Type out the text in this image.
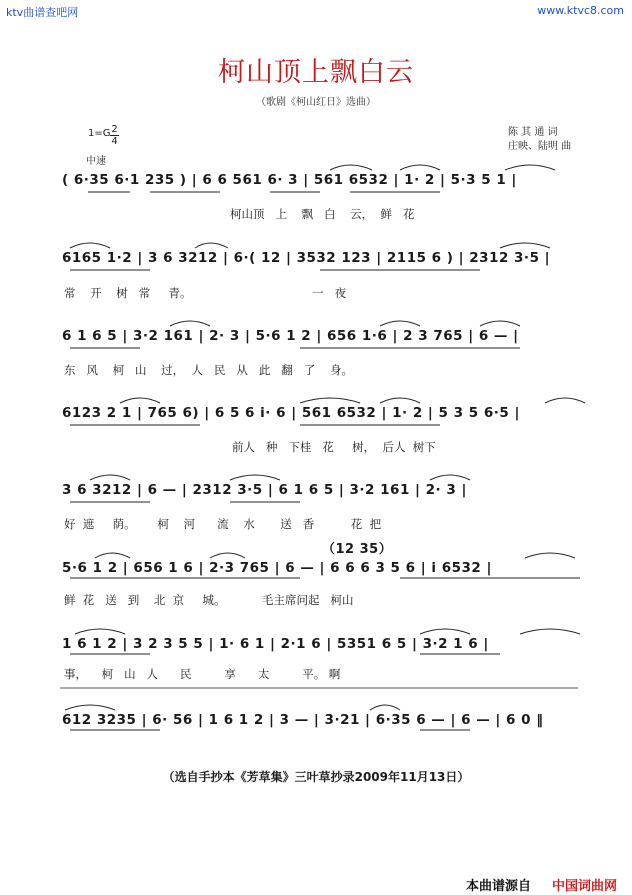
ktv曲谱查吧网	www.ktvc8.com
柯山顶上飘白云
（歌剧《柯山红日》选曲）
1=G 2
4
中速
陈 其 通 词
庄映、陆明 曲
( 6·35 6·1 235 ) | 6 6 561 6· 3 | 561 6532 | 1· 2 | 5·3 5 1 |
柯山顶   上    飘   白    云，  鲜   花
6165 1·2 | 3 6 3212 | 6·( 12 | 3532 123 | 2115 6 ) | 2312 3·5 |
常    开    树   常     青。                                 一   夜
6 1 6 5 | 3·2 161 | 2· 3 | 5·6 1 2 | 656 1·6 | 2 3 765 | 6 — |
东   风    柯   山    过，  人   民   从   此   翻   了    身。
6123 2 1 | 765 6) | 6 5 6 i· 6 | 561 6532 | 1· 2 | 5 3 5 6·5 |
前人   种   下桂   花     树，  后人  树下
3 6 3212 | 6 — | 2312 3·5 | 6 1 6 5 | 3·2 161 | 2· 3 |
好  遮     荫。      柯    河      流    水       送   香          花  把
（12 35）
5·6 1 2 | 656 1 6 | 2·3 765 | 6 — | 6 6 6 3 5 6 | i 6532 |
鲜  花   送   到    北  京     城。          毛主席问起   柯山
1 6 1 2 | 3 2 3 5 5 | 1· 6 1 | 2·1 6 | 5351 6 5 | 3·2 1 6 |
事，    柯   山   人      民         享      太         平。 啊
612 3235 | 6· 56 | 1 6 1 2 | 3 — | 3·21 | 6·35 6 — | 6 — | 6 0 ‖
（选自手抄本《芳草集》三叶草抄录2009年11月13日）
本曲谱源自 中国词曲网
